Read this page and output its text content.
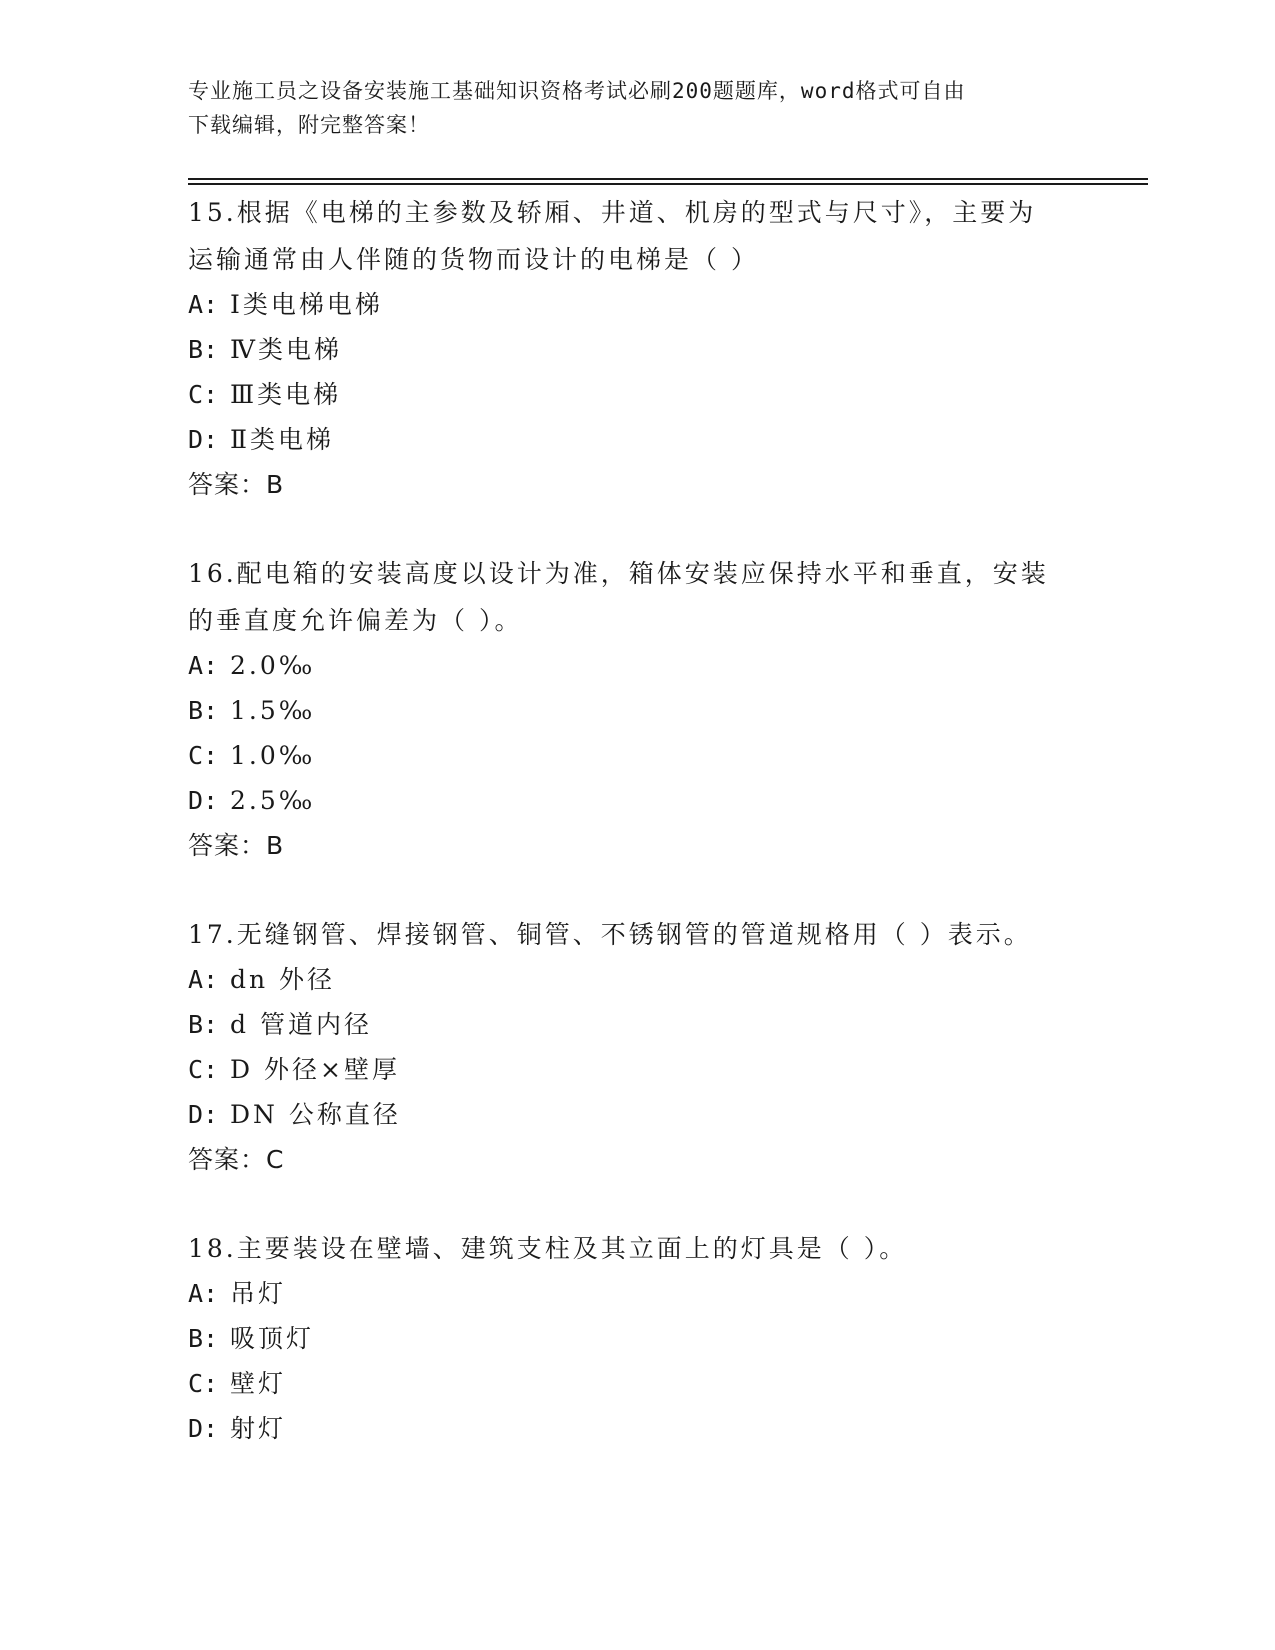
专业施工员之设备安装施工基础知识资格考试必刷200题题库，word格式可自由
下载编辑，附完整答案！

15.根据《电梯的主参数及轿厢、井道、机房的型式与尺寸》，主要为

运输通常由人伴随的货物而设计的电梯是（ ）

A: Ⅰ类电梯电梯

B: Ⅳ类电梯

C: Ⅲ类电梯

D: Ⅱ类电梯

答案：B

16.配电箱的安装高度以设计为准，箱体安装应保持水平和垂直，安装

的垂直度允许偏差为（ ）。

A: 2.0‰

B: 1.5‰

C: 1.0‰

D: 2.5‰

答案：B

17.无缝钢管、焊接钢管、铜管、不锈钢管的管道规格用（ ）表示。

A: dn 外径

B: d 管道内径

C: D 外径×壁厚

D: DN 公称直径

答案：C

18.主要装设在壁墙、建筑支柱及其立面上的灯具是（ ）。

A: 吊灯

B: 吸顶灯

C: 壁灯

D: 射灯
